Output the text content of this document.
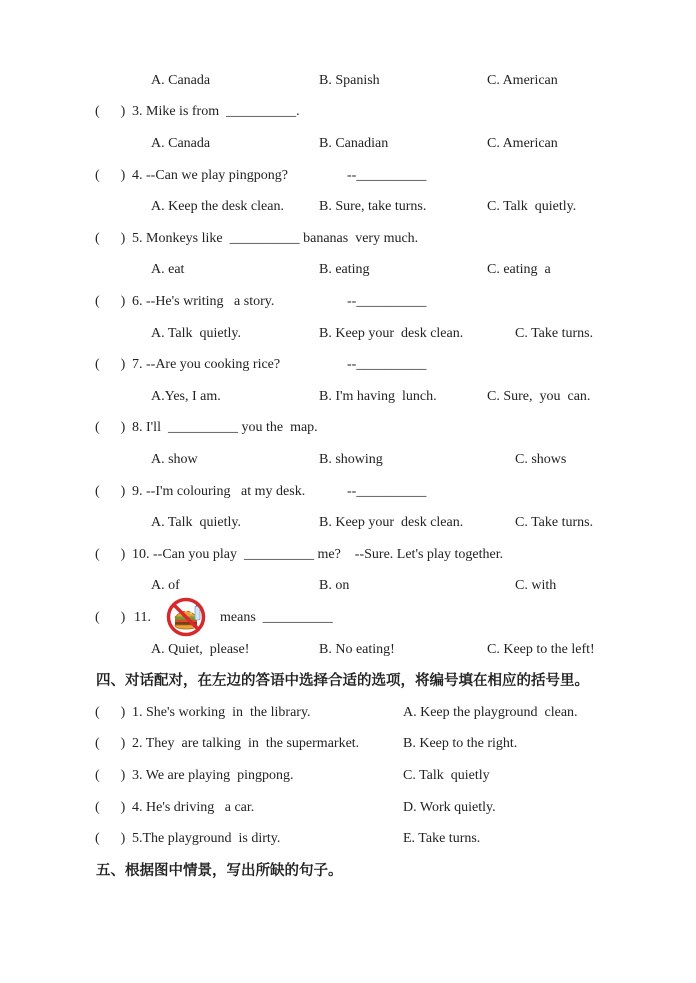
A. Canada	B. Spanish	C. American
(      ) 3. Mike is from  __________.
A. Canada	B. Canadian	C. American
(      ) 4. --Can we play pingpong?	--__________
A. Keep the desk clean.	B. Sure, take turns.	C. Talk  quietly.
(      ) 5. Monkeys like  __________ bananas  very much.
A. eat	B. eating	C. eating  a
(      ) 6. --He's writing   a story.	--__________
A. Talk  quietly.	B. Keep your  desk clean.	C. Take turns.
(      ) 7. --Are you cooking rice?	--__________
A.Yes, I am.	B. I'm having  lunch.	C. Sure,  you  can.
(      ) 8. I'll  __________ you the  map.
A. show	B. showing	C. shows
(      ) 9. --I'm colouring   at my desk.	--__________
A. Talk  quietly.	B. Keep your  desk clean.	C. Take turns.
(      ) 10. --Can you play  __________ me?    --Sure. Let's play together.
A. of	B. on	C. with
(      ) 11.	means  __________
A. Quiet,  please!	B. No eating!	C. Keep to the left!
四、对话配对，在左边的答语中选择合适的选项，将编号填在相应的括号里。
(      ) 1. She's working  in  the library.	A. Keep the playground  clean.
(      ) 2. They  are talking  in  the supermarket.	B. Keep to the right.
(      ) 3. We are playing  pingpong.	C. Talk  quietly
(      ) 4. He's driving   a car.	D. Work quietly.
(      ) 5.The playground  is dirty.	E. Take turns.
五、根据图中情景，写出所缺的句子。
